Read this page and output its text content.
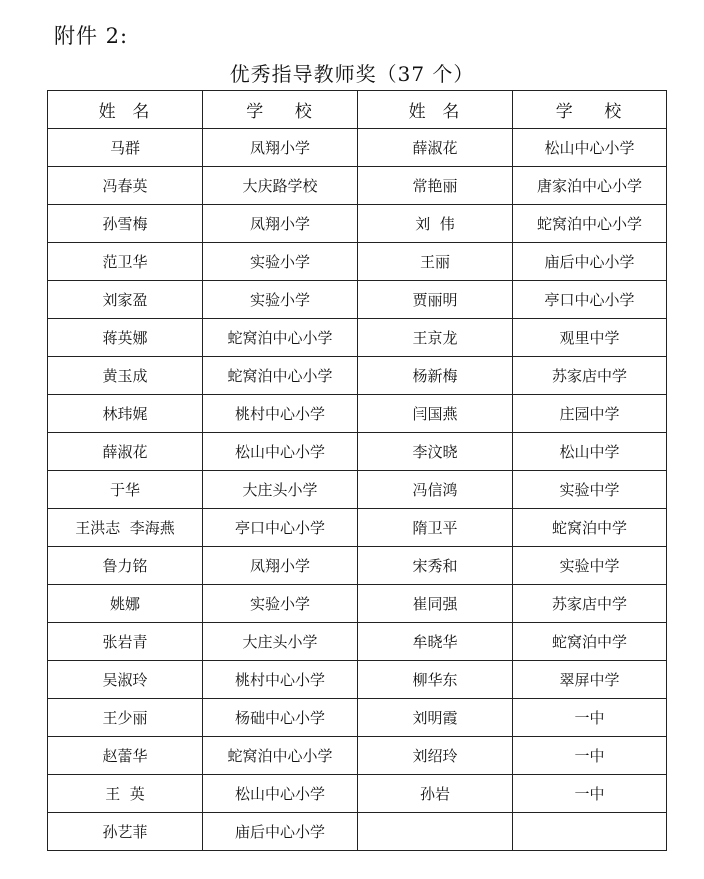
附件 2:
优秀指导教师奖（37 个）
姓  名	学    校	姓  名	学    校
马群	凤翔小学	薛淑花	松山中心小学
冯春英	大庆路学校	常艳丽	唐家泊中心小学
孙雪梅	凤翔小学	刘  伟	蛇窝泊中心小学
范卫华	实验小学	王丽	庙后中心小学
刘家盈	实验小学	贾丽明	亭口中心小学
蒋英娜	蛇窝泊中心小学	王京龙	观里中学
黄玉成	蛇窝泊中心小学	杨新梅	苏家店中学
林玮娓	桃村中心小学	闫国燕	庄园中学
薛淑花	松山中心小学	李汶晓	松山中学
于华	大庄头小学	冯信鸿	实验中学
王洪志  李海燕	亭口中心小学	隋卫平	蛇窝泊中学
鲁力铭	凤翔小学	宋秀和	实验中学
姚娜	实验小学	崔同强	苏家店中学
张岩青	大庄头小学	牟晓华	蛇窝泊中学
吴淑玲	桃村中心小学	柳华东	翠屏中学
王少丽	杨础中心小学	刘明霞	一中
赵蕾华	蛇窝泊中心小学	刘绍玲	一中
王  英	松山中心小学	孙岩	一中
孙艺菲	庙后中心小学		
